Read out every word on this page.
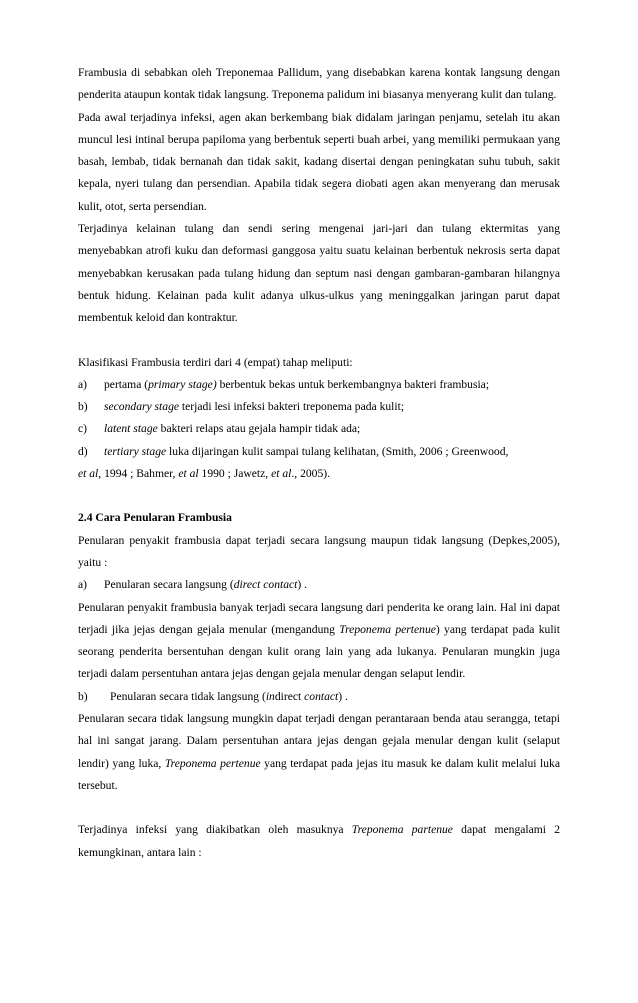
Frambusia di sebabkan oleh Treponemaa Pallidum, yang disebabkan karena kontak langsung dengan penderita ataupun kontak tidak langsung. Treponema palidum ini biasanya menyerang kulit dan tulang.

Pada awal terjadinya infeksi, agen akan berkembang biak didalam jaringan penjamu, setelah itu akan muncul lesi intinal berupa papiloma yang berbentuk seperti buah arbei, yang memiliki permukaan yang basah, lembab, tidak bernanah dan tidak sakit, kadang disertai dengan peningkatan suhu tubuh, sakit kepala, nyeri tulang dan persendian. Apabila tidak segera diobati agen akan menyerang dan merusak kulit, otot, serta persendian.

Terjadinya kelainan tulang dan sendi sering mengenai jari-jari dan tulang ektermitas yang menyebabkan atrofi kuku dan deformasi ganggosa yaitu suatu kelainan berbentuk nekrosis serta dapat menyebabkan kerusakan pada tulang hidung dan septum nasi dengan gambaran-gambaran hilangnya bentuk hidung. Kelainan pada kulit adanya ulkus-ulkus yang meninggalkan jaringan parut dapat membentuk keloid dan kontraktur.

Klasifikasi Frambusia terdiri dari 4 (empat) tahap meliputi:

a)	pertama (primary stage) berbentuk bekas untuk berkembangnya bakteri frambusia;
b)	secondary stage terjadi lesi infeksi bakteri treponema pada kulit;
c)	latent stage bakteri relaps atau gejala hampir tidak ada;
d)	tertiary stage luka dijaringan kulit sampai tulang kelihatan, (Smith, 2006 ; Greenwood,

et al, 1994 ; Bahmer, et al 1990 ; Jawetz, et al., 2005).

2.4 Cara Penularan Frambusia

Penularan penyakit frambusia dapat terjadi secara langsung maupun tidak langsung (Depkes,2005), yaitu :

a)	Penularan secara langsung (direct contact) .

Penularan penyakit frambusia banyak terjadi secara langsung dari penderita ke orang lain. Hal ini dapat terjadi jika jejas dengan gejala menular (mengandung Treponema pertenue) yang terdapat pada kulit seorang penderita bersentuhan dengan kulit orang lain yang ada lukanya. Penularan mungkin juga terjadi dalam persentuhan antara jejas dengan gejala menular dengan selaput lendir.

b)	Penularan secara tidak langsung (indirect contact) .

Penularan secara tidak langsung mungkin dapat terjadi dengan perantaraan benda atau serangga, tetapi hal ini sangat jarang. Dalam persentuhan antara jejas dengan gejala menular dengan kulit (selaput lendir) yang luka, Treponema pertenue yang terdapat pada jejas itu masuk ke dalam kulit melalui luka tersebut.

Terjadinya infeksi yang diakibatkan oleh masuknya Treponema partenue dapat mengalami 2 kemungkinan, antara lain :
